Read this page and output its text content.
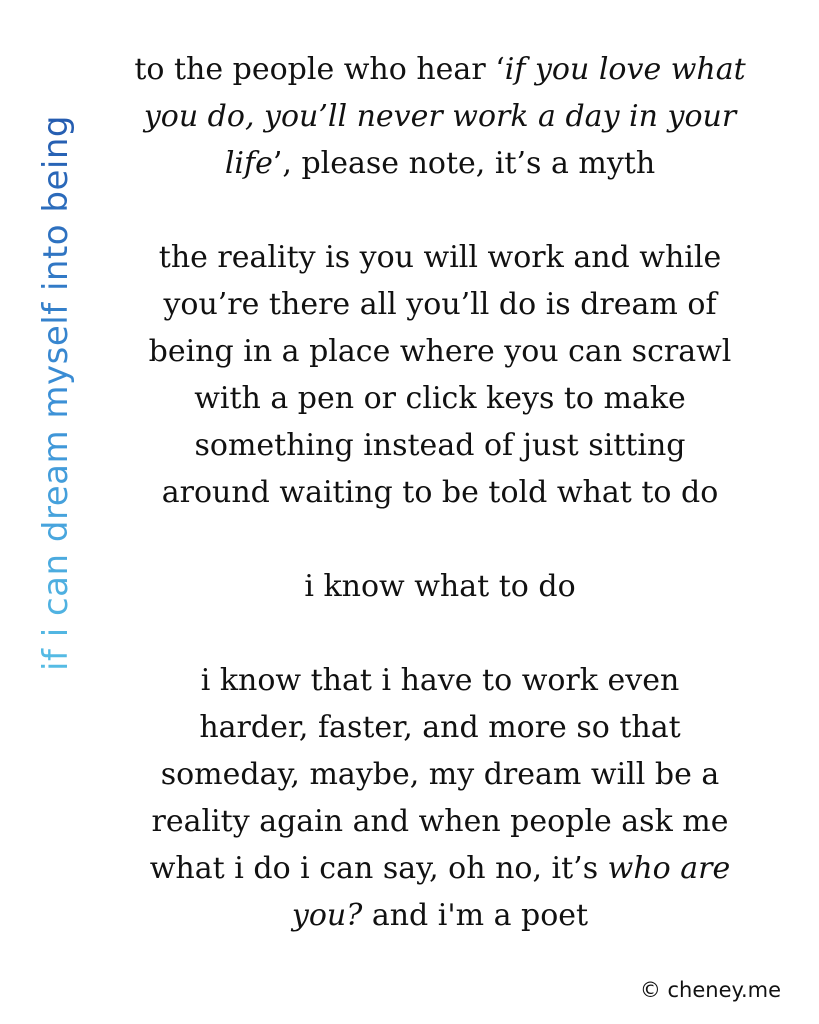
if i can dream myself into being
to the people who hear ‘if you love what
you do, you’ll never work a day in your
life’, please note, it’s a myth
the reality is you will work and while
you’re there all you’ll do is dream of
being in a place where you can scrawl
with a pen or click keys to make
something instead of just sitting
around waiting to be told what to do
i know what to do
i know that i have to work even
harder, faster, and more so that
someday, maybe, my dream will be a
reality again and when people ask me
what i do i can say, oh no, it’s who are
you? and i'm a poet
© cheney.me
